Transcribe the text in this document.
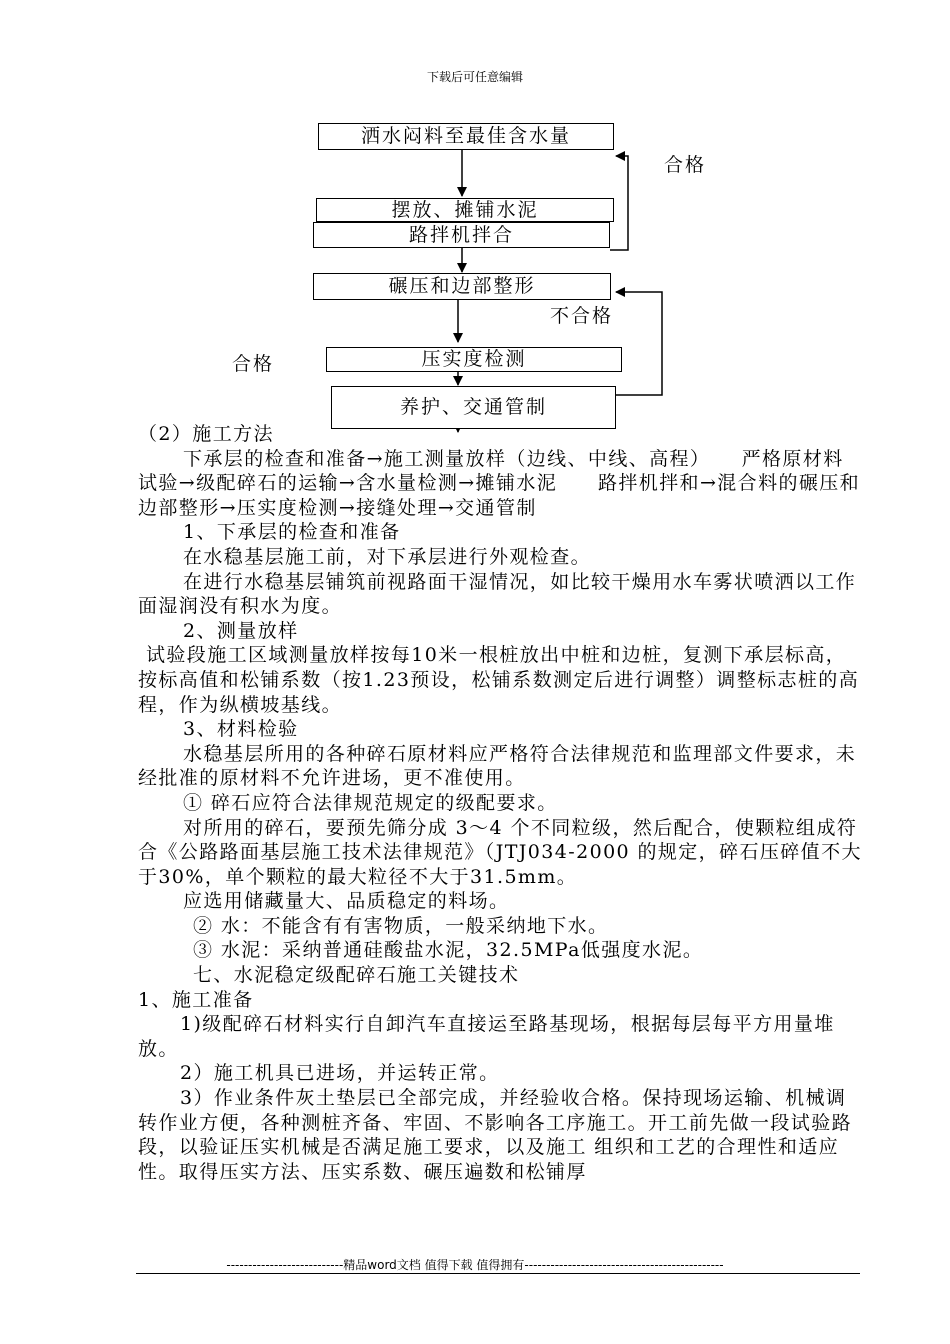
下载后可任意编辑
洒水闷料至最佳含水量
摆放、摊铺水泥
路拌机拌合
碾压和边部整形
压实度检测
养护、交通管制
合格
不合格
合格

（2）施工方法

下承层的检查和准备→施工测量放样（边线、中线、高程）　　严格原材料试验→级配碎石的运输→含水量检测→摊铺水泥　　路拌机拌和→混合料的碾压和边部整形→压实度检测→接缝处理→交通管制

1、下承层的检查和准备

在水稳基层施工前，对下承层进行外观检查。

在进行水稳基层铺筑前视路面干湿情况，如比较干燥用水车雾状喷洒以工作面湿润没有积水为度。

2、测量放样

试验段施工区域测量放样按每10米一根桩放出中桩和边桩，复测下承层标高，按标高值和松铺系数（按1.23预设，松铺系数测定后进行调整）调整标志桩的高程，作为纵横坡基线。

3、材料检验

水稳基层所用的各种碎石原材料应严格符合法律规范和监理部文件要求，未经批准的原材料不允许进场，更不准使用。

① 碎石应符合法律规范规定的级配要求。

对所用的碎石，要预先筛分成 3～4 个不同粒级，然后配合，使颗粒组成符合《公路路面基层施工技术法律规范》（JTJ034-2000 的规定，碎石压碎值不大于30%，单个颗粒的最大粒径不大于31.5mm。

应选用储藏量大、品质稳定的料场。

② 水：不能含有有害物质，一般采纳地下水。

③ 水泥：采纳普通硅酸盐水泥，32.5MPa低强度水泥。

七、水泥稳定级配碎石施工关键技术

1、施工准备

1)级配碎石材料实行自卸汽车直接运至路基现场，根据每层每平方用量堆放。

2）施工机具已进场，并运转正常。

3）作业条件灰土垫层已全部完成，并经验收合格。保持现场运输、机械调转作业方便，各种测桩齐备、牢固、不影响各工序施工。开工前先做一段试验路段，以验证压实机械是否满足施工要求，以及施工 组织和工艺的合理性和适应性。取得压实方法、压实系数、碾压遍数和松铺厚

---------------------------精品word文档 值得下载 值得拥有----------------------------------------------
